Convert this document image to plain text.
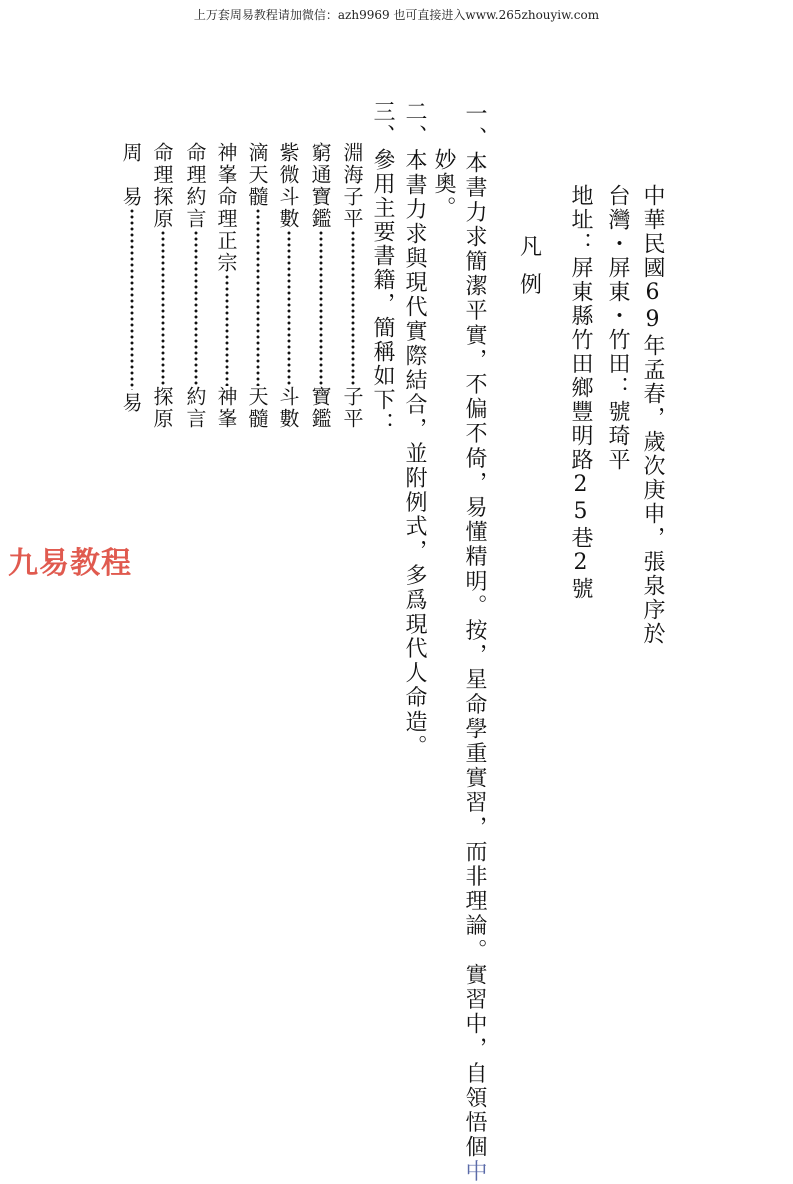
上万套周易教程请加微信：azh9969 也可直接进入www.265zhouyiw.com
中華民國69年孟春，歲次庚申，張泉序於
台灣・屏東・竹田：號琦平
地址：屏東縣竹田鄉豐明路25巷2號
凡
例
一、本書力求簡潔平實，不偏不倚，易懂精明。按，星命學重實習，而非理論。實習中，自領悟個中
妙奧。
二、本書力求與現代實際結合，並附例式，多爲現代人命造。
三、參用主要書籍，簡稱如下：
淵海子平
子平
窮通寶鑑
寶鑑
紫微斗數
斗數
滴天髓
天髓
神峯命理正宗
神峯
命理約言
約言
命理探原
探原
周　易
易
九易教程
